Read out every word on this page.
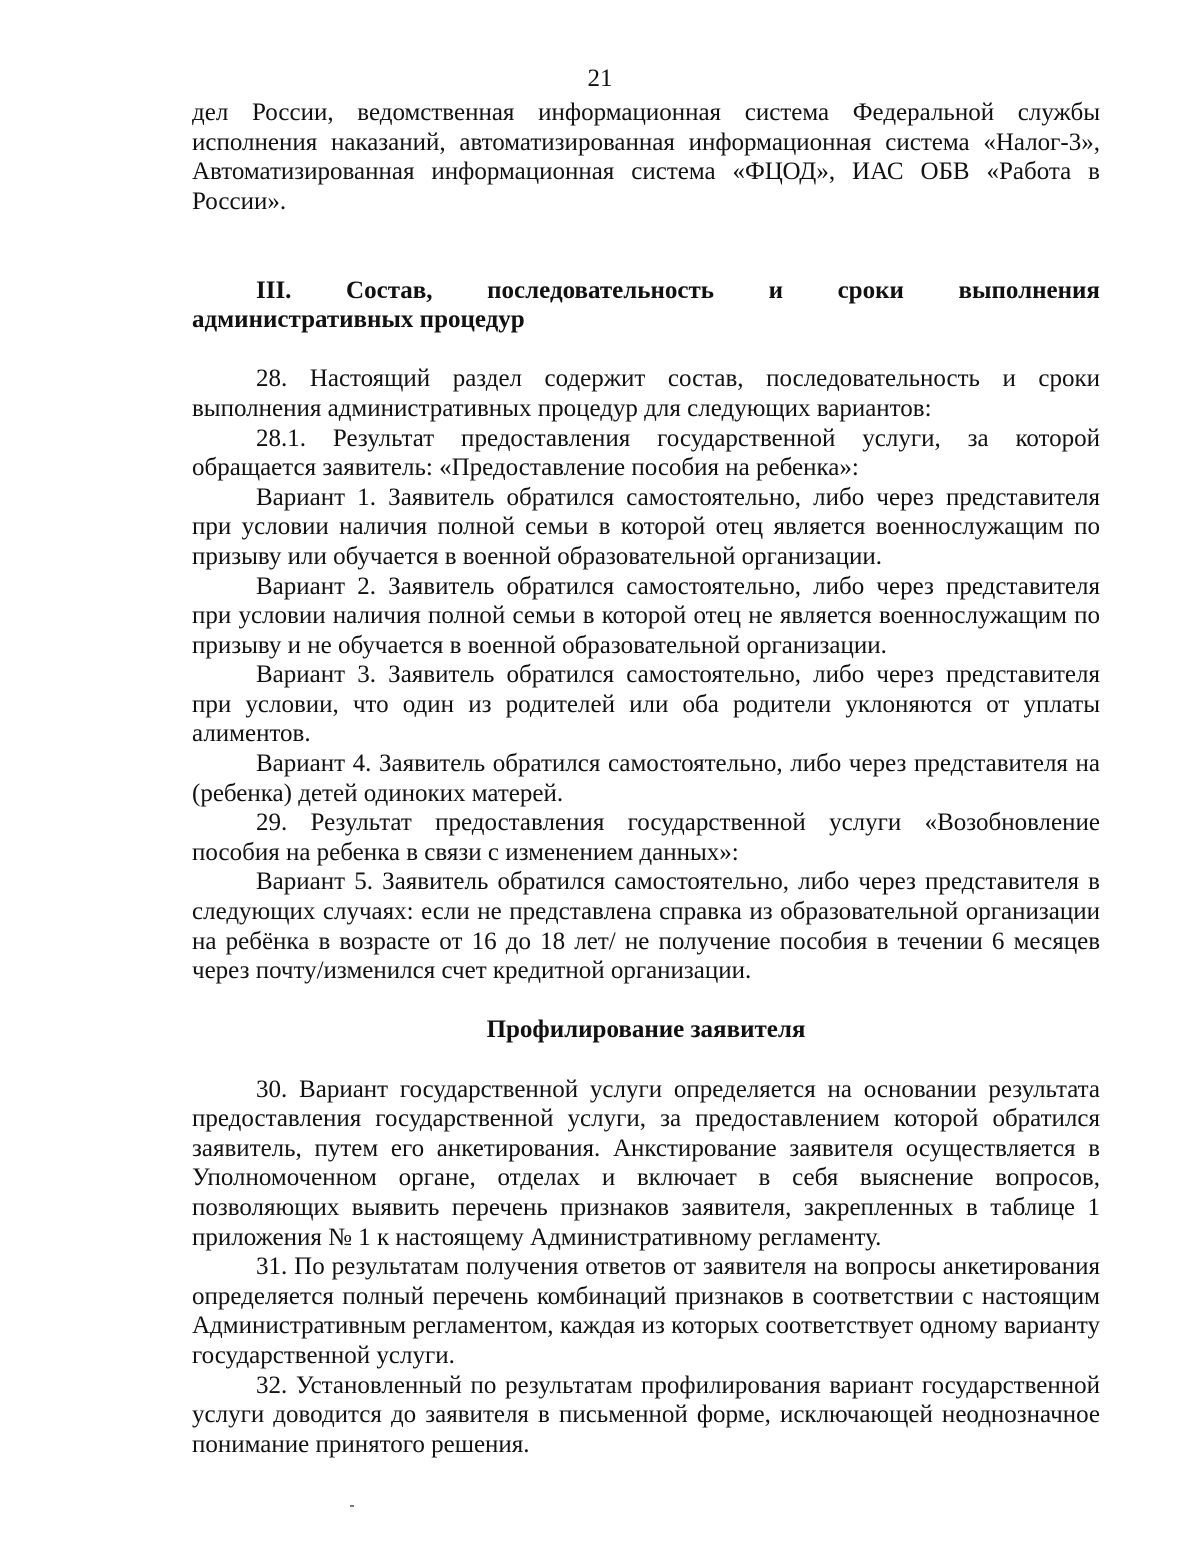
21

дел России, ведомственная информационная система Федеральной службы исполнения наказаний, автоматизированная информационная система «Налог-3», Автоматизированная информационная система «ФЦОД», ИАС ОБВ «Работа в России».

III. Состав, последовательность и сроки выполнения
административных процедур

28. Настоящий раздел содержит состав, последовательность и сроки выполнения административных процедур для следующих вариантов:

28.1. Результат предоставления государственной услуги, за которой обращается заявитель: «Предоставление пособия на ребенка»:

Вариант 1. Заявитель обратился самостоятельно, либо через представителя при условии наличия полной семьи в которой отец является военнослужащим по призыву или обучается в военной образовательной организации.

Вариант 2. Заявитель обратился самостоятельно, либо через представителя при условии наличия полной семьи в которой отец не является военнослужащим по призыву и не обучается в военной образовательной организации.

Вариант 3. Заявитель обратился самостоятельно, либо через представителя при условии, что один из родителей или оба родители уклоняются от уплаты алиментов.

Вариант 4. Заявитель обратился самостоятельно, либо через представителя на (ребенка) детей одиноких матерей.

29. Результат предоставления государственной услуги «Возобновление пособия на ребенка в связи с изменением данных»:

Вариант 5. Заявитель обратился самостоятельно, либо через представителя в следующих случаях: если не представлена справка из образовательной организации на ребёнка в возрасте от 16 до 18 лет/ не получение пособия в течении 6 месяцев через почту/изменился счет кредитной организации.

Профилирование заявителя

30. Вариант государственной услуги определяется на основании результата предоставления государственной услуги, за предоставлением которой обратился заявитель, путем его анкетирования. Анкстирование заявителя осуществляется в Уполномоченном органе, отделах и включает в себя выяснение вопросов, позволяющих выявить перечень признаков заявителя, закрепленных в таблице 1 приложения № 1 к настоящему Административному регламенту.

31. По результатам получения ответов от заявителя на вопросы анкетирования определяется полный перечень комбинаций признаков в соответствии с настоящим Административным регламентом, каждая из которых соответствует одному варианту государственной услуги.

32. Установленный по результатам профилирования вариант государственной услуги доводится до заявителя в письменной форме, исключающей неоднозначное понимание принятого решения.
